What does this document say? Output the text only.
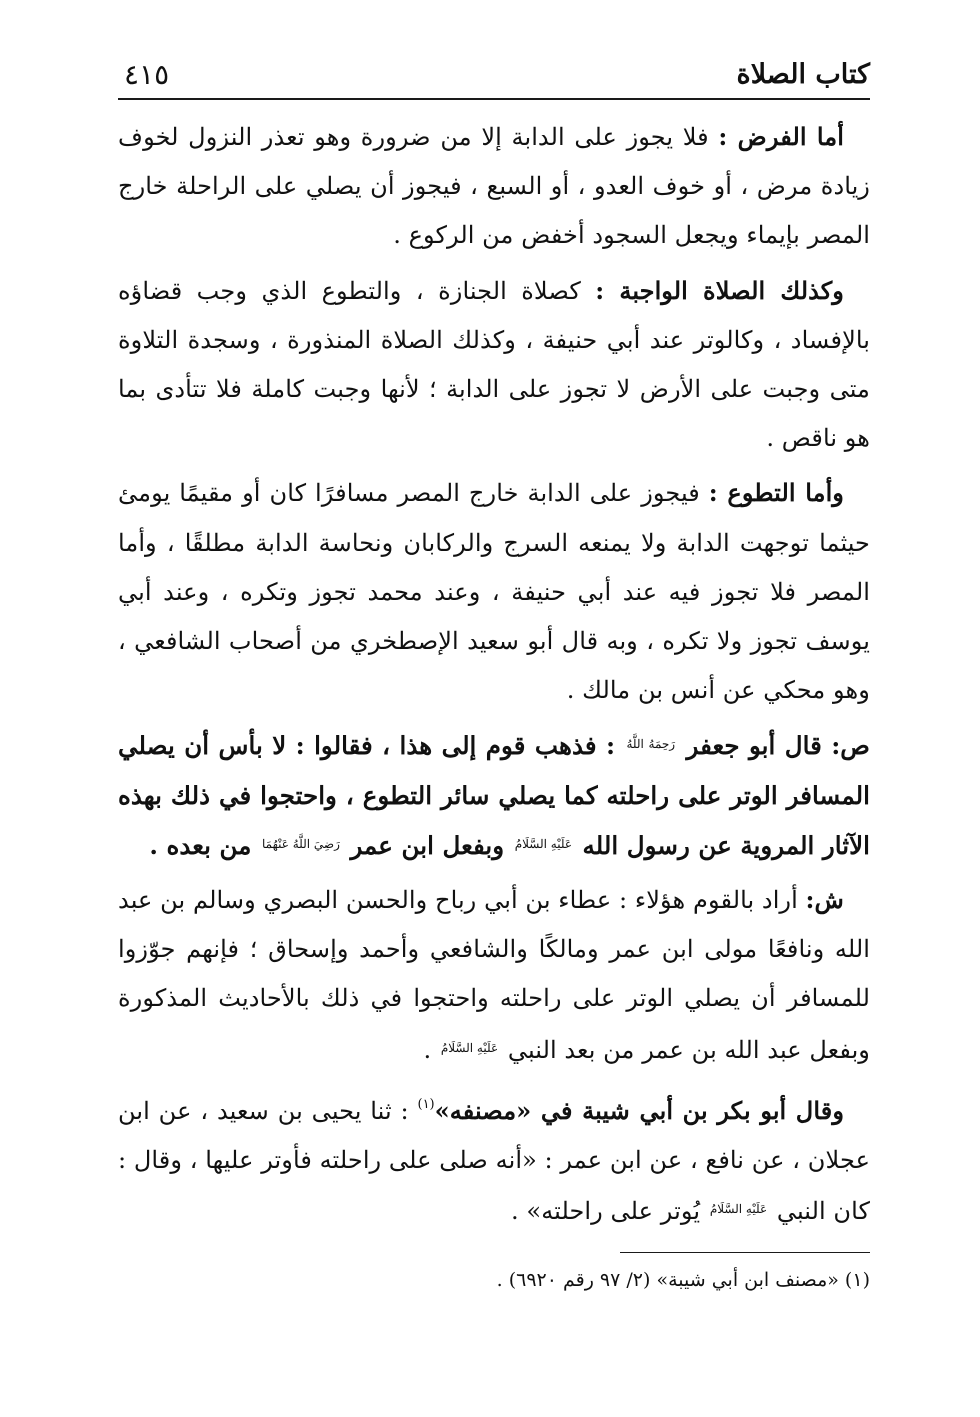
كتاب الصلاة
٤١٥

أما الفرض : فلا يجوز على الدابة إلا من ضرورة وهو تعذر النزول لخوف زيادة مرض ، أو خوف العدو ، أو السبع ، فيجوز أن يصلي على الراحلة خارج المصر بإيماء ويجعل السجود أخفض من الركوع .

وكذلك الصلاة الواجبة : كصلاة الجنازة ، والتطوع الذي وجب قضاؤه بالإفساد ، وكالوتر عند أبي حنيفة ، وكذلك الصلاة المنذورة ، وسجدة التلاوة متى وجبت على الأرض لا تجوز على الدابة ؛ لأنها وجبت كاملة فلا تتأدى بما هو ناقص .

وأما التطوع : فيجوز على الدابة خارج المصر مسافرًا كان أو مقيمًا يومئ حيثما توجهت الدابة ولا يمنعه السرج والركابان ونحاسة الدابة مطلقًا ، وأما المصر فلا تجوز فيه عند أبي حنيفة ، وعند محمد تجوز وتكره ، وعند أبي يوسف تجوز ولا تكره ، وبه قال أبو سعيد الإصطخري من أصحاب الشافعي ، وهو محكي عن أنس بن مالك .

ص: قال أبو جعفر $^{رَحِمَهُ اللَّهُ}$ : فذهب قوم إلى هذا ، فقالوا : لا بأس أن يصلي المسافر الوتر على راحلته كما يصلي سائر التطوع ، واحتجوا في ذلك بهذه الآثار المروية عن رسول الله $^{عَلَيْهِ السَّلَامُ}$ وبفعل ابن عمر $^{رَضِيَ اللَّهُ عَنْهُمَا}$ من بعده .

ش: أراد بالقوم هؤلاء : عطاء بن أبي رباح والحسن البصري وسالم بن عبد الله ونافعًا مولى ابن عمر ومالكًا والشافعي وأحمد وإسحاق ؛ فإنهم جوّزوا للمسافر أن يصلي الوتر على راحلته واحتجوا في ذلك بالأحاديث المذكورة وبفعل عبد الله بن عمر من بعد النبي $^{عَلَيْهِ السَّلَامُ}$ .

وقال أبو بكر بن أبي شيبة في «مصنفه»$^{(١)}$ : ثنا يحيى بن سعيد ، عن ابن عجلان ، عن نافع ، عن ابن عمر : «أنه صلى على راحلته فأوتر عليها ، وقال : كان النبي $^{عَلَيْهِ السَّلَامُ}$ يُوتر على راحلته» .

(١) «مصنف ابن أبي شيبة» (٢/ ٩٧ رقم ٦٩٢٠) .
